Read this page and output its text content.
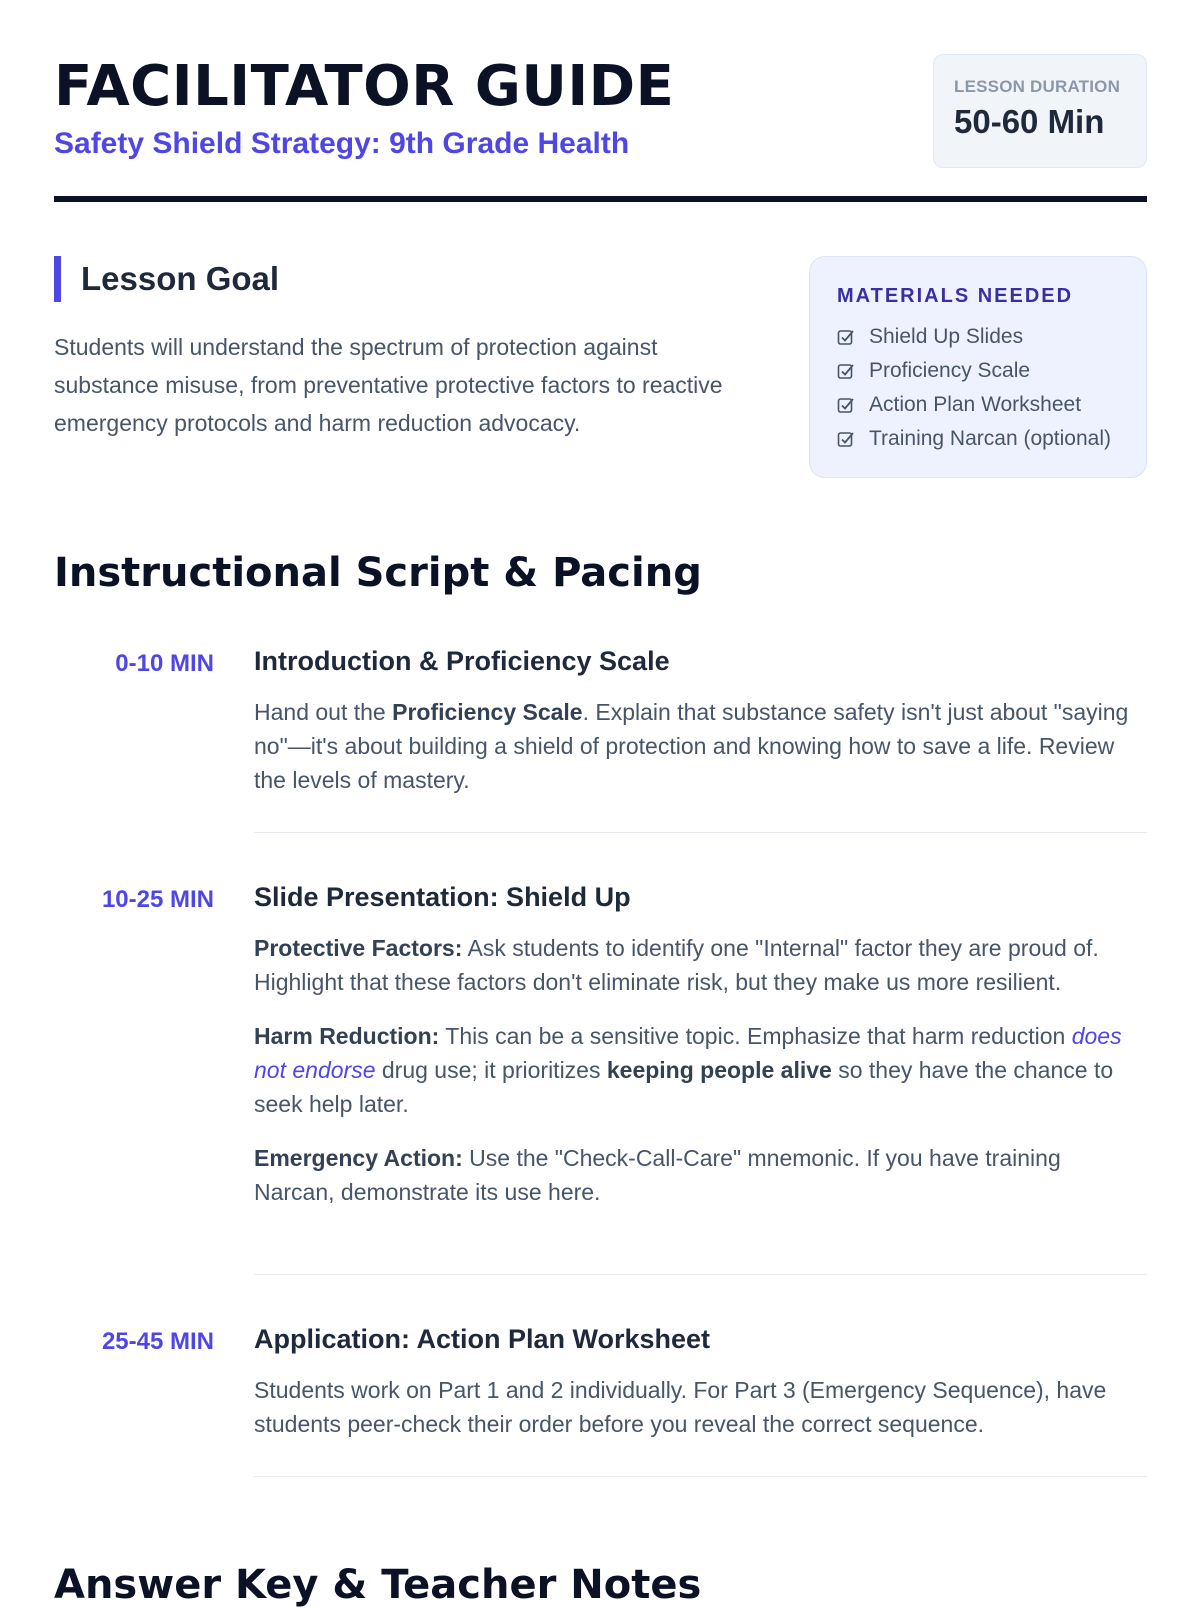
FACILITATOR GUIDE
Safety Shield Strategy: 9th Grade Health
LESSON DURATION
50-60 Min
Lesson Goal

Students will understand the spectrum of protection against substance misuse, from preventative protective factors to reactive emergency protocols and harm reduction advocacy.

MATERIALS NEEDED
Shield Up Slides
Proficiency Scale
Action Plan Worksheet
Training Narcan (optional)
Instructional Script & Pacing
0-10 MIN Introduction & Proficiency Scale

Hand out the Proficiency Scale. Explain that substance safety isn't just about "saying no"—it's about building a shield of protection and knowing how to save a life. Review the levels of mastery.

10-25 MIN Slide Presentation: Shield Up

Protective Factors: Ask students to identify one "Internal" factor they are proud of. Highlight that these factors don't eliminate risk, but they make us more resilient.

Harm Reduction: This can be a sensitive topic. Emphasize that harm reduction does not endorse drug use; it prioritizes keeping people alive so they have the chance to seek help later.

Emergency Action: Use the "Check-Call-Care" mnemonic. If you have training Narcan, demonstrate its use here.

25-45 MIN Application: Action Plan Worksheet

Students work on Part 1 and 2 individually. For Part 3 (Emergency Sequence), have students peer-check their order before you reveal the correct sequence.

Answer Key & Teacher Notes
